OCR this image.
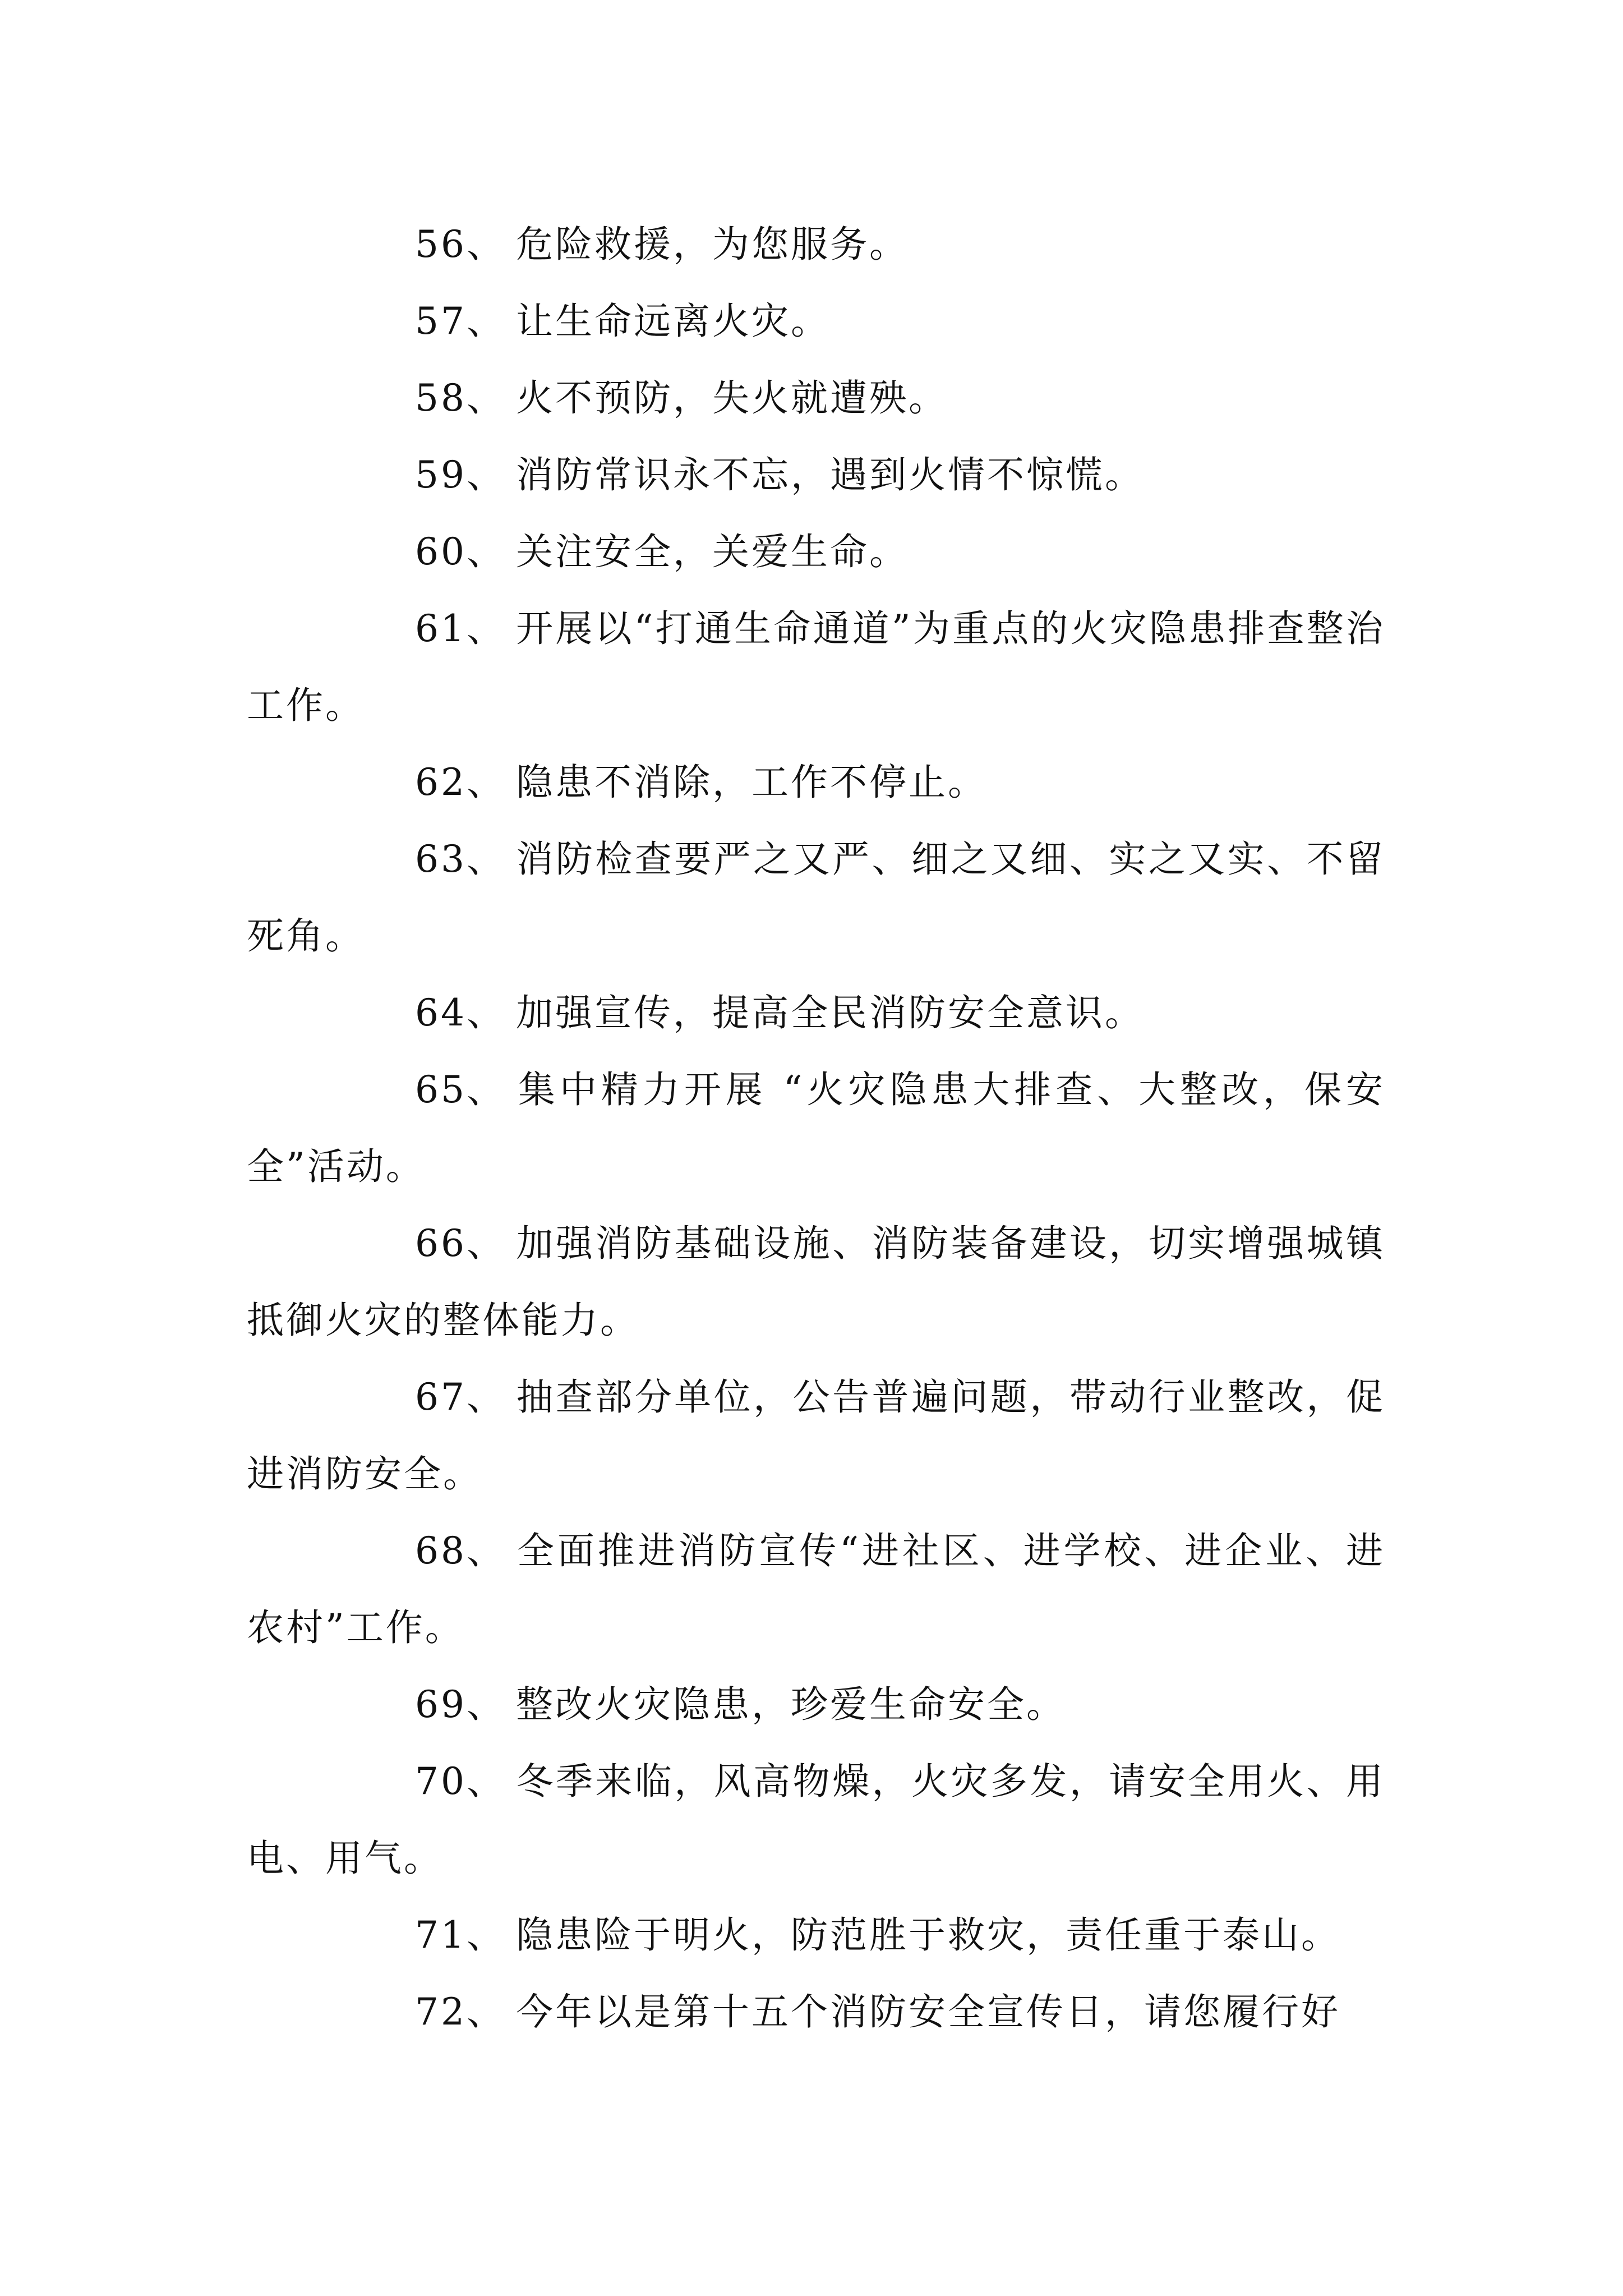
56、 危险救援，为您服务。

57、 让生命远离火灾。

58、 火不预防，失火就遭殃。

59、 消防常识永不忘，遇到火情不惊慌。

60、 关注安全，关爱生命。

61、 开展以“打通生命通道”为重点的火灾隐患排查整治工作。

62、 隐患不消除，工作不停止。

63、 消防检查要严之又严、细之又细、实之又实、不留死角。

64、 加强宣传，提高全民消防安全意识。

65、 集中精力开展 “火灾隐患大排查、大整改，保安全”活动。

66、 加强消防基础设施、消防装备建设，切实增强城镇抵御火灾的整体能力。

67、 抽查部分单位，公告普遍问题，带动行业整改，促进消防安全。

68、 全面推进消防宣传“进社区、进学校、进企业、进农村”工作。

69、 整改火灾隐患，珍爱生命安全。

70、 冬季来临，风高物燥，火灾多发，请安全用火、用电、用气。

71、 隐患险于明火，防范胜于救灾，责任重于泰山。

72、 今年以是第十五个消防安全宣传日，请您履行好
